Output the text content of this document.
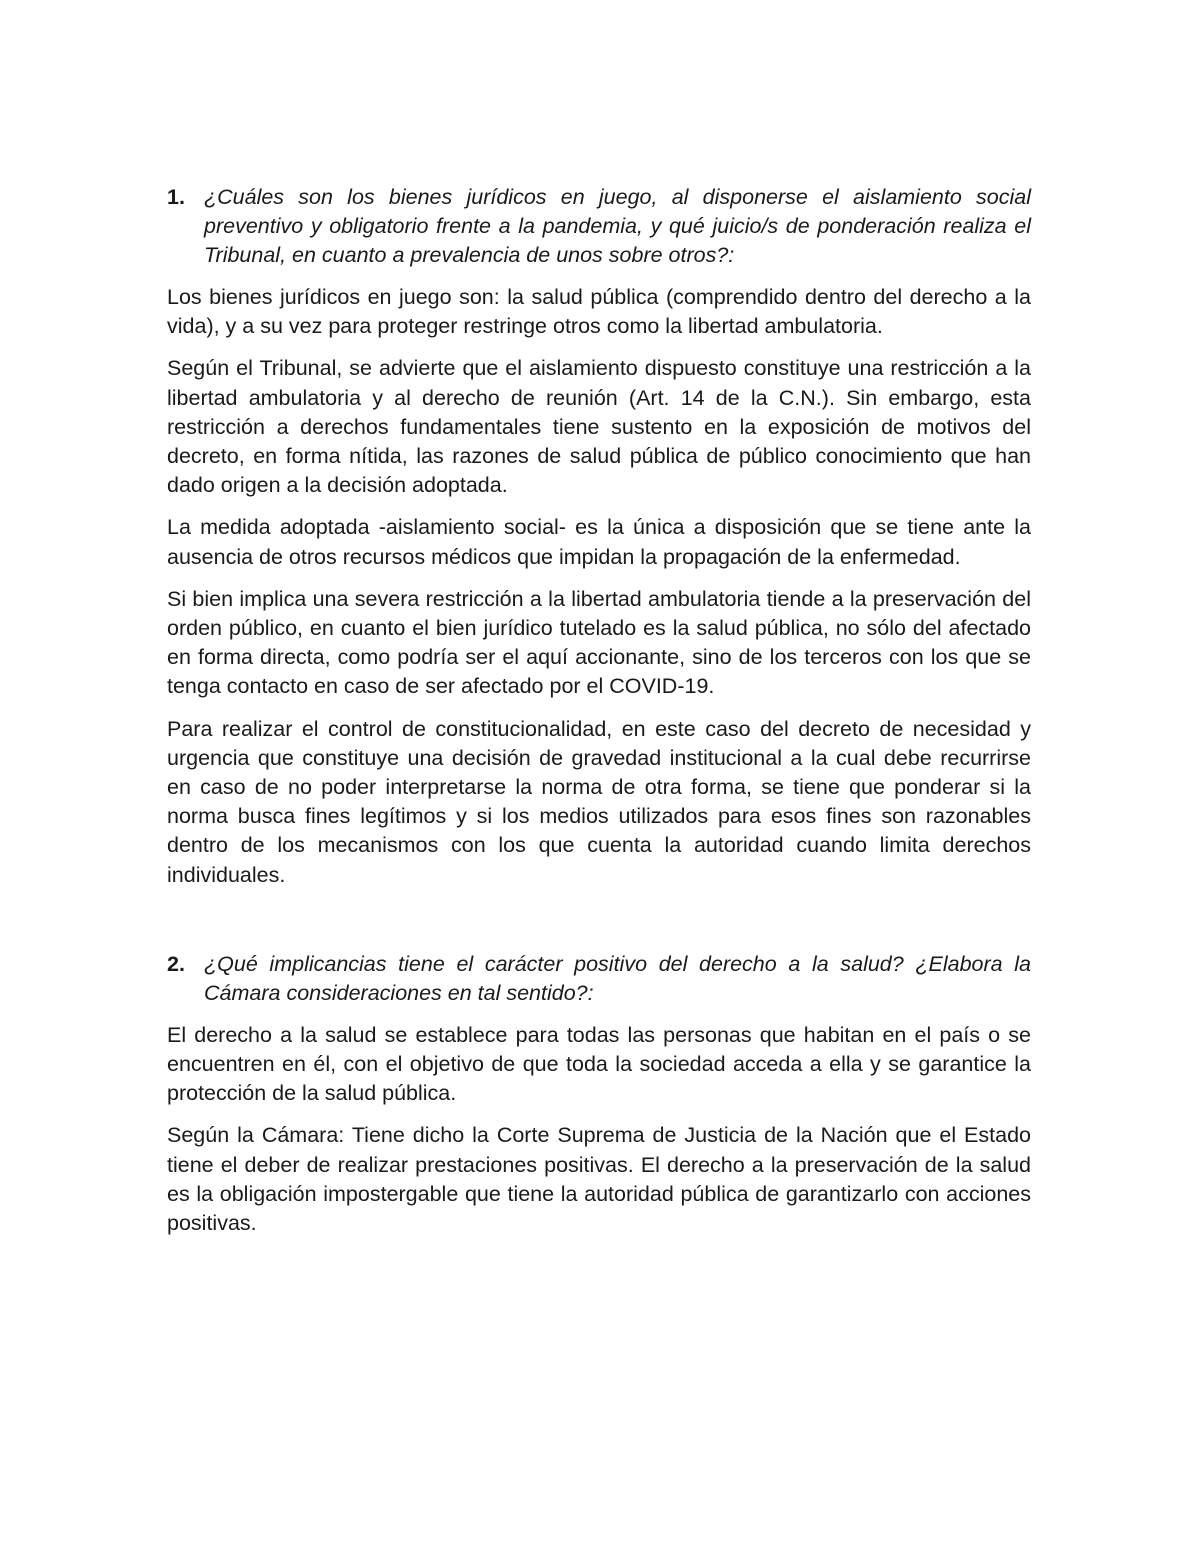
1. ¿Cuáles son los bienes jurídicos en juego, al disponerse el aislamiento social preventivo y obligatorio frente a la pandemia, y qué juicio/s de ponderación realiza el Tribunal, en cuanto a prevalencia de unos sobre otros?:

Los bienes jurídicos en juego son: la salud pública (comprendido dentro del derecho a la vida), y a su vez para proteger restringe otros como la libertad ambulatoria.

Según el Tribunal, se advierte que el aislamiento dispuesto constituye una restricción a la libertad ambulatoria y al derecho de reunión (Art. 14 de la C.N.). Sin embargo, esta restricción a derechos fundamentales tiene sustento en la exposición de motivos del decreto, en forma nítida, las razones de salud pública de público conocimiento que han dado origen a la decisión adoptada.

La medida adoptada -aislamiento social- es la única a disposición que se tiene ante la ausencia de otros recursos médicos que impidan la propagación de la enfermedad.

Si bien implica una severa restricción a la libertad ambulatoria tiende a la preservación del orden público, en cuanto el bien jurídico tutelado es la salud pública, no sólo del afectado en forma directa, como podría ser el aquí accionante, sino de los terceros con los que se tenga contacto en caso de ser afectado por el COVID-19.

Para realizar el control de constitucionalidad, en este caso del decreto de necesidad y urgencia que constituye una decisión de gravedad institucional a la cual debe recurrirse en caso de no poder interpretarse la norma de otra forma, se tiene que ponderar si la norma busca fines legítimos y si los medios utilizados para esos fines son razonables dentro de los mecanismos con los que cuenta la autoridad cuando limita derechos individuales.

2. ¿Qué implicancias tiene el carácter positivo del derecho a la salud? ¿Elabora la Cámara consideraciones en tal sentido?:

El derecho a la salud se establece para todas las personas que habitan en el país o se encuentren en él, con el objetivo de que toda la sociedad acceda a ella y se garantice la protección de la salud pública.

Según la Cámara: Tiene dicho la Corte Suprema de Justicia de la Nación que el Estado tiene el deber de realizar prestaciones positivas. El derecho a la preservación de la salud es la obligación impostergable que tiene la autoridad pública de garantizarlo con acciones positivas.
